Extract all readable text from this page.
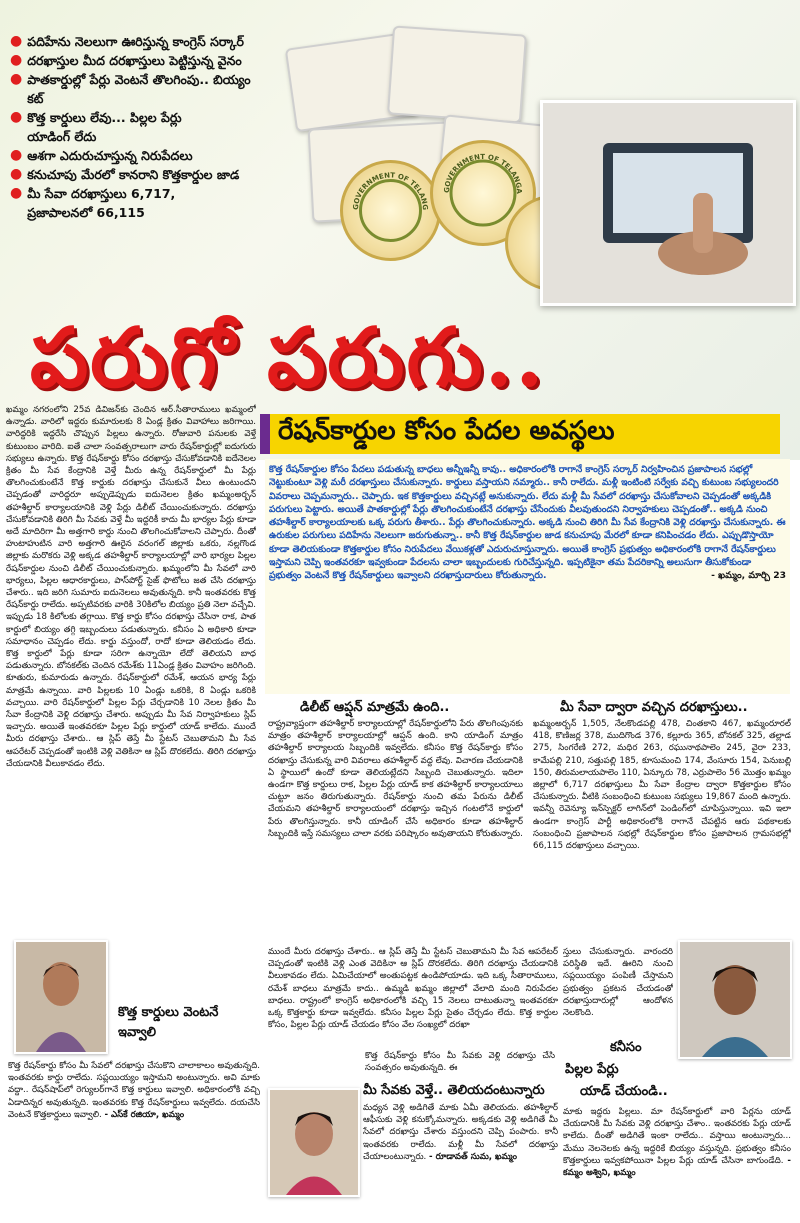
● పదిహేను నెలలుగా ఊరిస్తున్న కాంగ్రెస్ సర్కార్
● దరఖాస్తుల మీద దరఖాస్తులు పెట్టిస్తున్న వైనం
● పాతకార్డుల్లో పేర్లు వెంటనే తొలగింపు.. బియ్యం కట్
● కొత్త కార్డులు లేవు... పిల్లల పేర్లు యాడింగ్ లేదు
● ఆశగా ఎదురుచూస్తున్న నిరుపేదలు
● కనుచూపు మేరలో కానరాని కొత్తకార్డుల జాడ
● మీ సేవా దరఖాస్తులు 6,717, ప్రజాపాలనలో 66,115	GOVERNMENT OF TELANG
GOVERNMENT OF TELANGA
పరుగో పరుగు..
రేషన్‌కార్డుల కోసం పేదల అవస్థలు
కొత్త రేషన్‌కార్డుల కోసం పేదలు పడుతున్న బాధలు అన్నీఇన్నీ కావు.. అధికారంలోకి రాగానే కాంగ్రెస్ సర్కార్ నిర్వహించిన ప్రజాపాలన సభల్లో నెట్టుకుంటూ వెళ్లి మరీ దరఖాస్తులు చేసుకున్నారు. కార్డులు వస్తాయని నమ్మారు.. కానీ రాలేదు. మళ్లీ ఇంటింటి సర్వేకు వచ్చి కుటుంబ సభ్యులందరి వివరాలు చెప్పమన్నారు.. చెప్పారు. ఇక కొత్తకార్డులు వచ్చినట్లే అనుకున్నారు. లేదు మళ్లీ మీ సేవలో దరఖాస్తు చేసుకోవాలని చెప్పడంతో అక్కడికి పరుగులు పెట్టారు. అయితే పాతకార్డుల్లో పేర్లు తొలగించుకుంటేనే దరఖాస్తు చేసేందుకు వీలవుతుందని నిర్వాహకులు చెప్పడంతో.. అక్కడి నుంచి తహశీల్దార్ కార్యాలయాలకు ఒక్క పరుగు తీశారు.. పేర్లు తొలగించుకున్నారు. అక్కడి నుంచి తిరిగి మీ సేవ కేంద్రానికి వెళ్లి దరఖాస్తు చేసుకున్నారు. ఈ ఉరుకుల పరుగులు పదిహేను నెలలుగా జరుగుతున్నా.. కానీ కొత్త రేషన్‌కార్డుల జాడ కనుచూపు మేరలో కూడా కనిపించడం లేదు. ఎప్పుడొస్తాయో కూడా తెలియకుండా కొత్తకార్డుల కోసం నిరుపేదలు వేయికళ్లతో ఎదురుచూస్తున్నారు. అయితే కాంగ్రెస్ ప్రభుత్వం అధికారంలోకి రాగానే రేషన్‌కార్డులు ఇస్తామని చెప్పి ఇంతవరకూ ఇవ్వకుండా పేదలను చాలా ఇబ్బందులకు గురిచేస్తున్నది. ఇప్పటికైనా తమ పేదరికాన్ని అలుసుగా తీసుకోకుండా ప్రభుత్వం వెంటనే కొత్త రేషన్‌కార్డులు ఇవ్వాలని దరఖాస్తుదారులు కోరుతున్నారు.	- ఖమ్మం, మార్చి 23
ఖమ్మం నగరంలోని 25వ డివిజన్‌కు చెందిన ఆర్.సీతారాములు ఖమ్మంలో ఉన్నాడు. వారిలో ఇద్దరు కుమారులకు 8 ఏండ్ల క్రితం వివాహాలు జరిగాయి. వారిద్దరికి ఇద్దరేసి చొప్పున పిల్లలు ఉన్నారు. రోజువారి పనులకు వెళ్తే కుటుంబం వారిది. ఐతే చాలా సంవత్సరాలుగా వారు రేషన్‌కార్డుల్లో ఐదుగురు సభ్యులు ఉన్నారు. కొత్త రేషన్‌కార్డు కోసం దరఖాస్తు చేసుకోవడానికి ఐదేనెలల క్రితం మీ సేవ కేంద్రానికి వెళ్తే మీరు ఉన్న రేషన్‌కార్డులో మీ పేర్లు తొలగించుకుంటేనే కొత్త కార్డుకు దరఖాస్తు చేసుకునే వీలు ఉంటుందని చెప్పడంతో వారిద్దరూ అప్పుడెప్పుడు ఐదునెలల క్రితం ఖమ్మంఅర్బన్ తహశీల్దార్ కార్యాలయానికి వెళ్లి పేర్లు డిలీట్ చేయించుకున్నారు. దరఖాస్తు చేసుకోవడానికి తిరిగి మీ సేవకు వెళ్తే మీ ఇద్దరికీ కాదు మీ భార్యల పేర్లు కూడా అదే మాదిరిగా మీ అత్తగారి కార్డు నుంచి తొలగించుకోవాలని చెప్పారు. దీంతో హుటాహుటిన వారి అత్తగారి ఊరైన వరంగల్ జిల్లాకు ఒకరు, నల్లగొండ జిల్లాకు మరొకరు వెళ్లి అక్కడ తహశీల్దార్ కార్యాలయాల్లో వారి భార్యల పిల్లల రేషన్‌కార్డుల నుంచి డిలీట్ చేయించుకున్నారు. ఖమ్మంలోని మీ సేవలో వారి భార్యలు, పిల్లల ఆధారకార్డులు, పాస్‌పోర్ట్ సైజ్ ఫొటోలు జత చేసి దరఖాస్తు చేశారు.. ఇది జరిగి సుమారు ఐదునెలలు అవుతున్నది. కానీ ఇంతవరకు కొత్త రేషన్‌కార్డు రాలేదు. అప్పటివరకు వారికి 30కిలోల బియ్యం ప్రతి నెలా వచ్చేవి. ఇప్పుడు 18 కిలోలకు తగ్గాయి. కొత్త కార్డు కోసం దరఖాస్తు చేసినా రాక, పాత కార్డులో బియ్యం తగ్గి ఇబ్బందులు పడుతున్నారు. కనీసం ఏ అధికారి కూడా సమాధానం చెప్పడం లేదు. కార్డు వస్తుందో, రాదో కూడా తెలియడం లేదు. కొత్త కార్డులో పేర్లు కూడా సరిగా ఉన్నాయో లేదో తెలియని బాధ పడుతున్నారు. బోనకల్‌కు చెందిన రమేశ్‌కు 11ఏండ్ల క్రితం వివాహం జరిగింది. కూతురు, కుమారుడు ఉన్నారు. రేషన్‌కార్డులో రమేశ్, ఆయన భార్య పేర్లు మాత్రమే ఉన్నాయి. వారి పిల్లలకు 10 ఏండ్లు ఒకరికి, 8 ఏండ్లు ఒకరికి వచ్చాయి. వారి రేషన్‌కార్డులో పిల్లల పేర్లు చేర్చడానికి 10 నెలల క్రితం మీ సేవా కేంద్రానికి వెళ్లి దరఖాస్తు చేశారు. అప్పుడు మీ సేవ నిర్వాహకులు స్లిప్ ఇచ్చారు. అయితే ఇంతవరకూ పిల్లల పేర్లు కార్డులో యాడ్ కాలేదు. ముందే మీరు దరఖాస్తు చేశారు.. ఆ స్లిప్ తెస్తే మీ స్టేటస్ చెబుతామని మీ సేవ ఆపరేటర్ చెప్పడంతో ఇంటికి వెళ్లి వెతికినా ఆ స్లిప్ దొరకలేదు. తిరిగి దరఖాస్తు చేయడానికి వీలుకావడం లేదు.
డిలీట్ ఆప్షన్ మాత్రమే ఉంది..
రాష్ట్రవ్యాప్తంగా తహశీల్దార్ కార్యాలయాల్లో రేషన్‌కార్డులోని పేరు తొలగింపునకు మాత్రం తహశీల్దార్ కార్యాలయాల్లో ఆప్షన్ ఉంది. కాని యాడింగ్ మాత్రం తహశీల్దార్ కార్యాలయ సిబ్బందికి ఇవ్వలేదు. కనీసం కొత్త రేషన్‌కార్డు కోసం దరఖాస్తు చేసుకున్న వారి వివరాలు తహశీల్దార్ వద్ద లేవు. విచారణ చేయడానికి ఏ స్థాయిలో ఉందో కూడా తెలియట్లేదని సిబ్బంది చెబుతున్నారు. ఇదిలా ఉండగా కొత్త కార్డులు రాక, పిల్లల పేర్లు యాడ్ కాక తహశీల్దార్ కార్యాలయాలు చుట్టూ జనం తిరుగుతున్నారు. రేషన్‌కార్డు నుంచి తమ పేరును డిలీట్ చేయమని తహశీల్దార్ కార్యాలయంలో దరఖాస్తు ఇచ్చిన గంటలోనే కార్డులో పేరు తొలగిస్తున్నారు. కానీ యాడింగ్ చేసే అధికారం కూడా తహశీల్దార్ సిబ్బందికి ఇస్తే సమస్యలు చాలా వరకు పరిష్కారం అవుతాయని కోరుతున్నారు.
మీ సేవా ద్వారా వచ్చిన దరఖాస్తులు..
ఖమ్మంఅర్బన్ 1,505, నేలకొండపల్లి 478, చింతకాని 467, ఖమ్మంరూరల్ 418, కొణిజర్ల 378, ముదిగొండ 376, కల్లూరు 365, బోనకల్ 325, తల్లాడ 275, సింగరేణి 272, మధిర 263, రఘునాథపాలెం 245, వైరా 233, కామేపల్లి 210, సత్తుపల్లి 185, కూసుమంచి 174, వేంసూరు 154, పెనుబల్లి 150, తిరుమలాయపాలెం 110, ఏన్కూరు 78, ఎర్రుపాలెం 56 మొత్తం ఖమ్మం జిల్లాలో 6,717 దరఖాస్తులు మీ సేవా కేంద్రాల ద్వారా కొత్తకార్డుల కోసం చేసుకున్నారు. వీటికి సంబంధించి కుటుంబ సభ్యులు 19,867 మంది ఉన్నారు. ఇవన్నీ రెవెన్యూ ఇన్‌స్పెక్టర్ లాగిన్‌లో పెండింగ్‌లో చూపిస్తున్నాయి. ఇవి ఇలా ఉండగా కాంగ్రెస్ పార్టీ అధికారంలోకి రాగానే చేపట్టిన ఆరు పథకాలకు సంబంధించి ప్రజాపాలన సభల్లో రేషన్‌కార్డుల కోసం ప్రజాపాలన గ్రామసభల్లో 66,115 దరఖాస్తులు వచ్చాయి.
ముందే మీరు దరఖాస్తు చేశారు.. ఆ స్లిప్ తెస్తే మీ స్టేటస్ చెబుతామని మీ సేవ ఆపరేటర్ చెప్పడంతో ఇంటికి వెళ్లి ఎంత వెదికినా ఆ స్లిప్ దొరకలేదు. తిరిగి దరఖాస్తు చేయడానికి వీలుకావడం లేదు. ఏమిచేయాలో అంతుపట్టక ఉండిపోయాడు. ఇది ఒక్క సీతారాములు, రమేశ్ బాధలు మాత్రమే కాదు.. ఉమ్మడి ఖమ్మం జిల్లాలో వేలాది మంది నిరుపేదల బాధలు. రాష్ట్రంలో కాంగ్రెస్ అధికారంలోకి వచ్చి 15 నెలలు దాటుతున్నా ఇంతవరకూ ఒక్క కొత్తకార్డు కూడా ఇవ్వలేదు. కనీసం పిల్లల పేర్లు సైతం చేర్చడం లేదు. కొత్త కార్డుల కోసం, పిల్లల పేర్లు యాడ్ చేయడం కోసం వేల సంఖ్యలో దరఖా
స్తులు చేసుకున్నారు. వారందరి పరిస్థితి ఇదే. ఊరిని నుంచి సప్లయియ్యం పంపిణీ చేస్తామని ప్రభుత్వం ప్రకటన చేయడంతో దరఖాస్తుదారుల్లో ఆందోళన నెలకొంది.
కొత్త కార్డులు వెంటనే ఇవ్వాలి
కొత్త రేషన్‌కార్డు కోసం మీ సేవలో దరఖాస్తు చేసుకొని చాలాకాలం అవుతున్నది. ఇంతవరకు కార్డు రాలేదు. సప్లయియ్యం ఇస్తామని అంటున్నారు. అవి మాకు వద్దా.. రేషన్‌షాప్‌లో రెగ్యులర్‌గానే కొత్త కార్డులు ఇవ్వాలి. అధికారంలోకి వచ్చి ఏడాదిన్నర అవుతున్నది. ఇంతవరకు కొత్త రేషన్‌కార్డులు ఇవ్వలేదు. దయచేసి వెంటనే కొత్తకార్డులు ఇవ్వాలి. - ఎస్‌కే రజియా, ఖమ్మం
కొత్త రేషన్‌కార్డు కోసం మీ సేవకు వెళ్లి దరఖాస్తు చేసి సంవత్సరం అవుతున్నది. ఈ
మీ సేవకు వెళ్తే.. తెలియదంటున్నారు
మధ్యన వెళ్లి అడిగితే మాకు ఏమీ తెలియదు. తహశీల్దార్ ఆఫీసుకు వెళ్లి కనుక్కోమన్నారు. అక్కడకు వెళ్లి అడిగితే మీ సేవలో దరఖాస్తు చేశారు వస్తుందని చెప్పి పంపారు. కానీ ఇంతవరకు రాలేదు. మళ్లీ మీ సేవలో దరఖాస్తు చేయాలంటున్నారు. - రూడావత్ సుమ, ఖమ్మం
కనీసం
పిల్లల పేర్లు
యాడ్ చేయండి..
మాకు ఇద్దరు పిల్లలు. మా రేషన్‌కార్డులో వారి పేర్లను యాడ్ చేయడానికి మీ సేవకు వెళ్లి దరఖాస్తు చేశాం.. ఇంతవరకు పేర్లు యాడ్ కాలేదు. దీంతో అడిగితే ఇంకా రాలేదు.. వస్తాయి అంటున్నారు... మేము నెలనెలకు ఉన్న ఇద్దరికే బియ్యం వస్తున్నది. ప్రభుత్వం కనీసం కొత్తకార్డులు ఇవ్వకపోయినా పిల్లల పేర్లు యాడ్ చేసినా బాగుండేది. - కమ్మం అశ్విని, ఖమ్మం
